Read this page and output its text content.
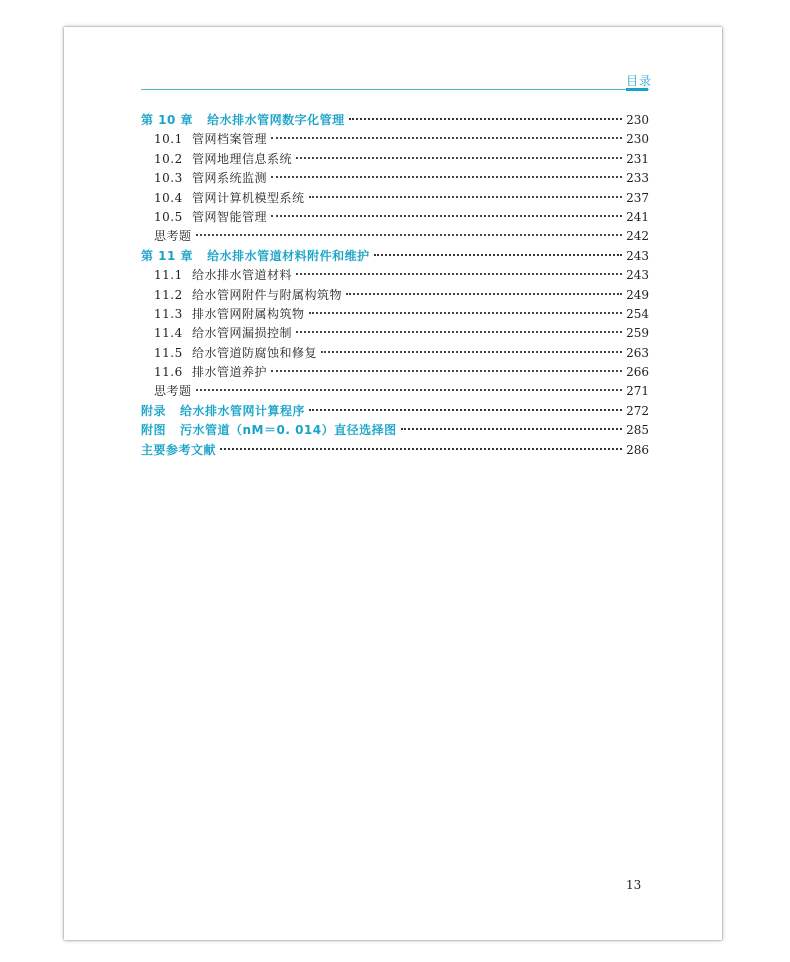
目录
第 10 章 给水排水管网数字化管理	230
10.1 管网档案管理	230
10.2 管网地理信息系统	231
10.3 管网系统监测	233
10.4 管网计算机模型系统	237
10.5 管网智能管理	241
思考题	242
第 11 章 给水排水管道材料附件和维护	243
11.1 给水排水管道材料	243
11.2 给水管网附件与附属构筑物	249
11.3 排水管网附属构筑物	254
11.4 给水管网漏损控制	259
11.5 给水管道防腐蚀和修复	263
11.6 排水管道养护	266
思考题	271
附录 给水排水管网计算程序	272
附图 污水管道（nM＝0. 014）直径选择图	285
主要参考文献	286
13
